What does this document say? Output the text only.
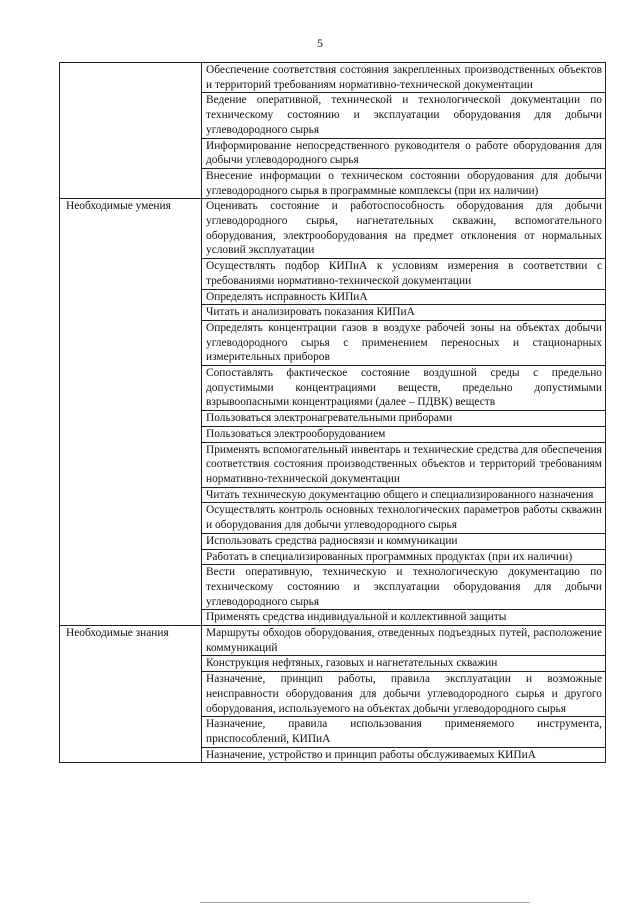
5
	Обеспечение соответствия состояния закрепленных производственных объектов и территорий требованиям нормативно-технической документации
	Ведение оперативной, технической и технологической документации по техническому состоянию и эксплуатации оборудования для добычи углеводородного сырья
	Информирование непосредственного руководителя о работе оборудования для добычи углеводородного сырья
	Внесение информации о техническом состоянии оборудования для добычи углеводородного сырья в программные комплексы (при их наличии)
Необходимые умения	Оценивать состояние и работоспособность оборудования для добычи углеводородного сырья, нагнетательных скважин, вспомогательного оборудования, электрооборудования на предмет отклонения от нормальных условий эксплуатации
	Осуществлять подбор КИПиА к условиям измерения в соответствии с требованиями нормативно-технической документации
	Определять исправность КИПиА
	Читать и анализировать показания КИПиА
	Определять концентрации газов в воздухе рабочей зоны на объектах добычи углеводородного сырья с применением переносных и стационарных измерительных приборов
	Сопоставлять фактическое состояние воздушной среды с предельно допустимыми концентрациями веществ, предельно допустимыми взрывоопасными концентрациями (далее – ПДВК) веществ
	Пользоваться электронагревательными приборами
	Пользоваться электрооборудованием
	Применять вспомогательный инвентарь и технические средства для обеспечения соответствия состояния производственных объектов и территорий требованиям нормативно-технической документации
	Читать техническую документацию общего и специализированного назначения
	Осуществлять контроль основных технологических параметров работы скважин и оборудования для добычи углеводородного сырья
	Использовать средства радиосвязи и коммуникации
	Работать в специализированных программных продуктах (при их наличии)
	Вести оперативную, техническую и технологическую документацию по техническому состоянию и эксплуатации оборудования для добычи углеводородного сырья
	Применять средства индивидуальной и коллективной защиты
Необходимые знания	Маршруты обходов оборудования, отведенных подъездных путей, расположение коммуникаций
	Конструкция нефтяных, газовых и нагнетательных скважин
	Назначение, принцип работы, правила эксплуатации и возможные неисправности оборудования для добычи углеводородного сырья и другого оборудования, используемого на объектах добычи углеводородного сырья
	Назначение, правила использования применяемого инструмента, приспособлений, КИПиА
	Назначение, устройство и принцип работы обслуживаемых КИПиА
